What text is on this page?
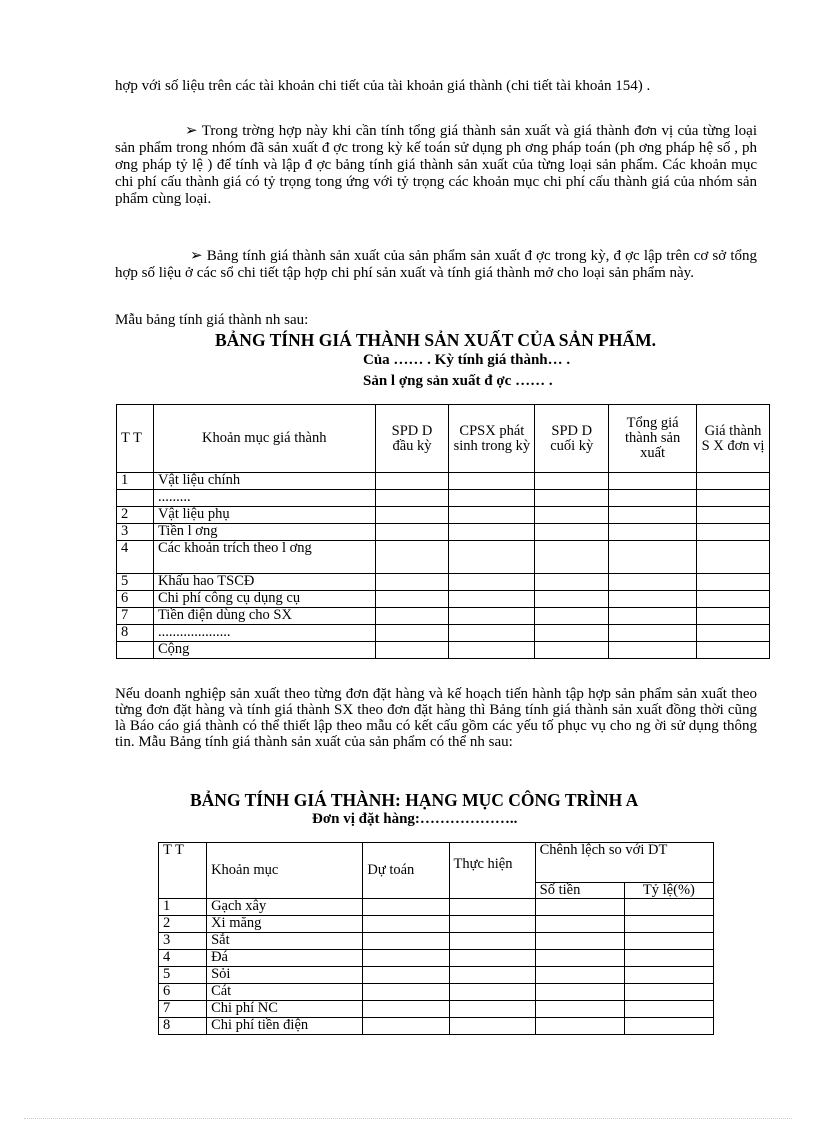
hợp với số liệu trên các tài khoản chi tiết của tài khoản giá thành (chi tiết tài khoản 154) .

➢ Trong trờng hợp này khi cần tính tổng giá thành sản xuất và giá thành đơn vị của từng loại sản phẩm trong nhóm đã sản xuất đ ợc trong kỳ kế toán sử dụng ph ơng pháp toán (ph ơng pháp hệ số , ph ơng pháp tỷ lệ ) để tính và lập đ ợc bảng tính giá thành sản xuất của từng loại sản phẩm. Các khoản mục chi phí cấu thành giá có tỷ trọng tong ứng với tỷ trọng các khoản mục chi phí cấu thành giá của nhóm sản phẩm cùng loại.

➢ Bảng tính giá thành sản xuất của sản phẩm sản xuất đ ợc trong kỳ, đ ợc lập trên cơ sở tổng hợp số liệu ở các sổ chi tiết tập hợp chi phí sản xuất và tính giá thành mở cho loại sản phẩm này.

Mẫu bảng tính giá thành nh sau:

BẢNG TÍNH GIÁ THÀNH SẢN XUẤT CỦA SẢN PHẨM.
Của …… . Kỳ tính giá thành… .
Sản l ợng sản xuất đ ợc …… .
T T	Khoản mục giá thành	SPD D đầu kỳ	CPSX phát sinh trong kỳ	SPD D cuối kỳ	Tổng giá thành sản xuất	Giá thành S X đơn vị
1	Vật liệu chính					
	.........					
2	Vật liệu phụ					
3	Tiền l ơng					
4	Các khoản trích theo l ơng					
5	Khấu hao TSCĐ					
6	Chi phí công cụ dụng cụ					
7	Tiền điện dùng cho SX					
8	....................					
	Cộng					

Nếu doanh nghiệp sản xuất theo từng đơn đặt hàng và kế hoạch tiến hành tập hợp sản phẩm sản xuất theo từng đơn đặt hàng và tính giá thành SX theo đơn đặt hàng thì Bảng tính giá thành sản xuất đồng thời cũng là Báo cáo giá thành có thể thiết lập theo mẫu có kết cấu gồm các yếu tố phục vụ cho ng ời sử dụng thông tin. Mẫu Bảng tính giá thành sản xuất của sản phẩm có thể nh sau:

BẢNG TÍNH GIÁ THÀNH: HẠNG MỤC CÔNG TRÌNH A
Đơn vị đặt hàng:………………..
T T	Khoản mục	Dự toán	Thực hiện	Chênh lệch so với DT	
				Số tiền	Tỷ lệ(%)
1	Gạch xây				
2	Xi măng				
3	Sắt				
4	Đá				
5	Sỏi				
6	Cát				
7	Chi phí NC				
8	Chi phí tiền điện				
